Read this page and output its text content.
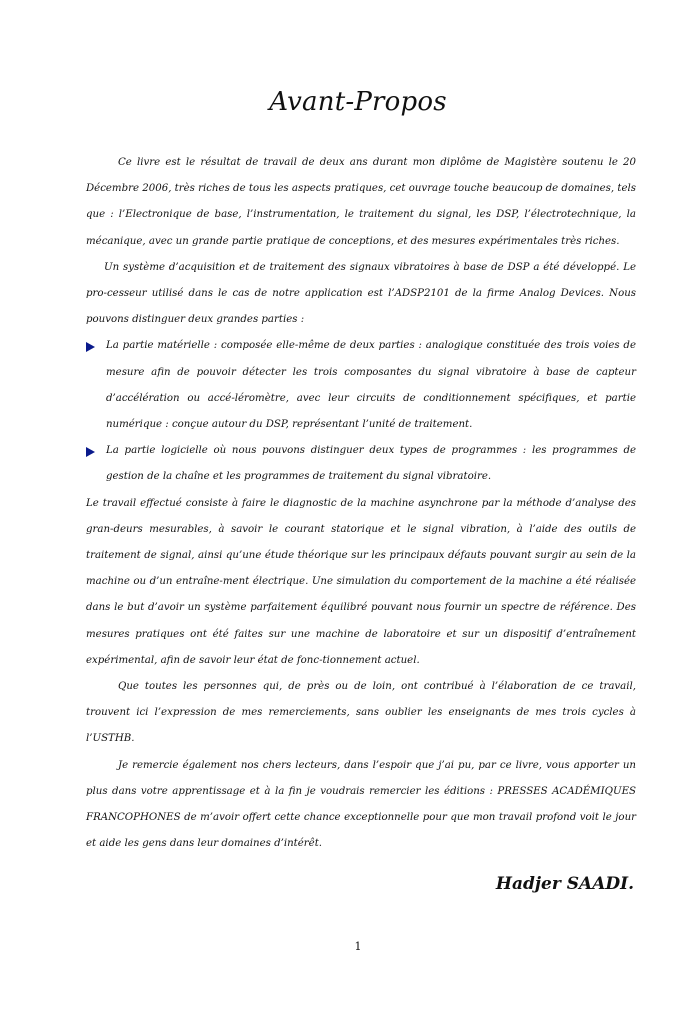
Avant-Propos

Ce livre est le résultat de travail de deux ans durant mon diplôme de Magistère soutenu le 20 Décembre 2006, très riches de tous les aspects pratiques, cet ouvrage touche beaucoup de domaines, tels que : l’Electronique de base, l’instrumentation, le traitement du signal, les DSP, l’électrotechnique, la mécanique, avec un grande partie pratique de conceptions, et des mesures expérimentales très riches.

Un système d’acquisition et de traitement des signaux vibratoires à base de DSP a été développé. Le pro-cesseur utilisé dans le cas de notre application est l’ADSP2101 de la firme Analog Devices. Nous pouvons distinguer deux grandes parties :

La partie matérielle : composée elle-même de deux parties : analogique constituée des trois voies de mesure afin de pouvoir détecter les trois composantes du signal vibratoire à base de capteur d’accélération ou accé-léromètre, avec leur circuits de conditionnement spécifiques, et partie numérique : conçue autour du DSP, représentant l’unité de traitement.

La partie logicielle où nous pouvons distinguer deux types de programmes : les programmes de gestion de la chaîne et les programmes de traitement du signal vibratoire.

Le travail effectué consiste à faire le diagnostic de la machine asynchrone par la méthode d’analyse des gran-deurs mesurables, à savoir le courant statorique et le signal vibration, à l’aide des outils de traitement de signal, ainsi qu’une étude théorique sur les principaux défauts pouvant surgir au sein de la machine ou d’un entraîne-ment électrique. Une simulation du comportement de la machine a été réalisée dans le but d’avoir un système parfaitement équilibré pouvant nous fournir un spectre de référence. Des mesures pratiques ont été faites sur une machine de laboratoire et sur un dispositif d’entraînement expérimental, afin de savoir leur état de fonc-tionnement actuel.

Que toutes les personnes qui, de près ou de loin, ont contribué à l’élaboration de ce travail, trouvent ici l’expression de mes remerciements, sans oublier les enseignants de mes trois cycles à l’USTHB.

Je remercie également nos chers lecteurs, dans l’espoir que j’ai pu, par ce livre, vous apporter un plus dans votre apprentissage et à la fin je voudrais remercier les éditions : PRESSES ACADÉMIQUES FRANCOPHONES de m’avoir offert cette chance exceptionnelle pour que mon travail profond voit le jour et aide les gens dans leur domaines d’intérêt.

Hadjer SAADI.
1
